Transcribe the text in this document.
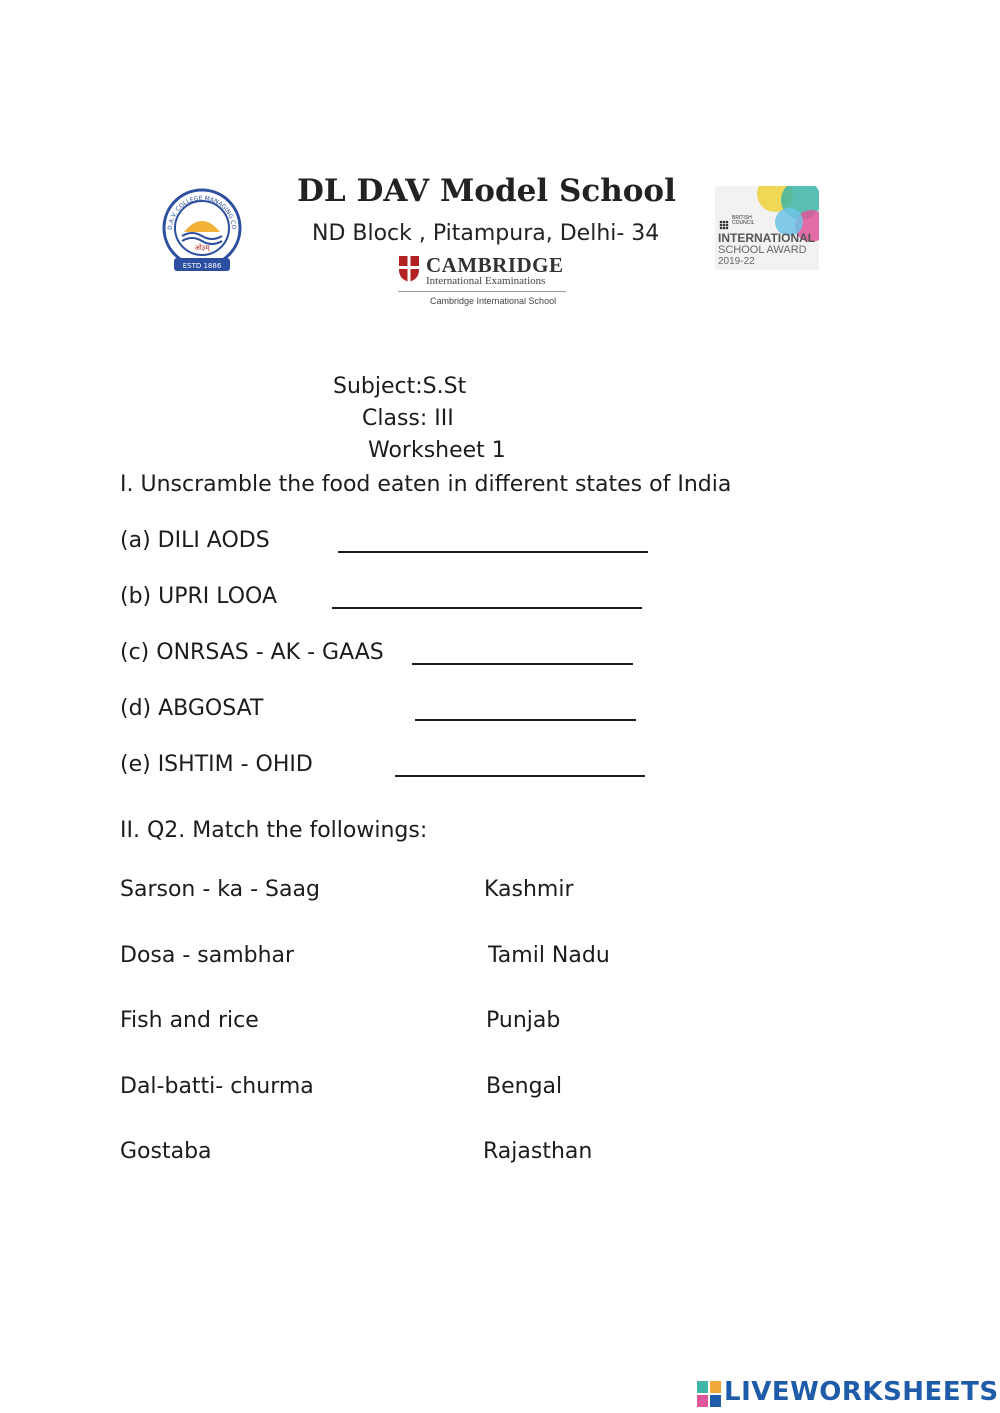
D.A.V. COLLEGE MANAGING CO
ओ३म्
ESTD 1886
DL DAV Model School
ND Block , Pitampura, Delhi- 34
CAMBRIDGE
International Examinations
Cambridge International School
BRITISH COUNCIL
INTERNATIONAL
SCHOOL AWARD
2019-22
Subject:S.St
Class: III
Worksheet 1
I. Unscramble the food eaten in different states of India
(a) DILI AODS
(b) UPRI LOOA
(c) ONRSAS - AK - GAAS
(d) ABGOSAT
(e) ISHTIM - OHID
II. Q2. Match the followings:
Sarson - ka - Saag	Kashmir
Dosa - sambhar	Tamil Nadu
Fish and rice	Punjab
Dal-batti- churma	Bengal
Gostaba	Rajasthan
LIVEWORKSHEETS
